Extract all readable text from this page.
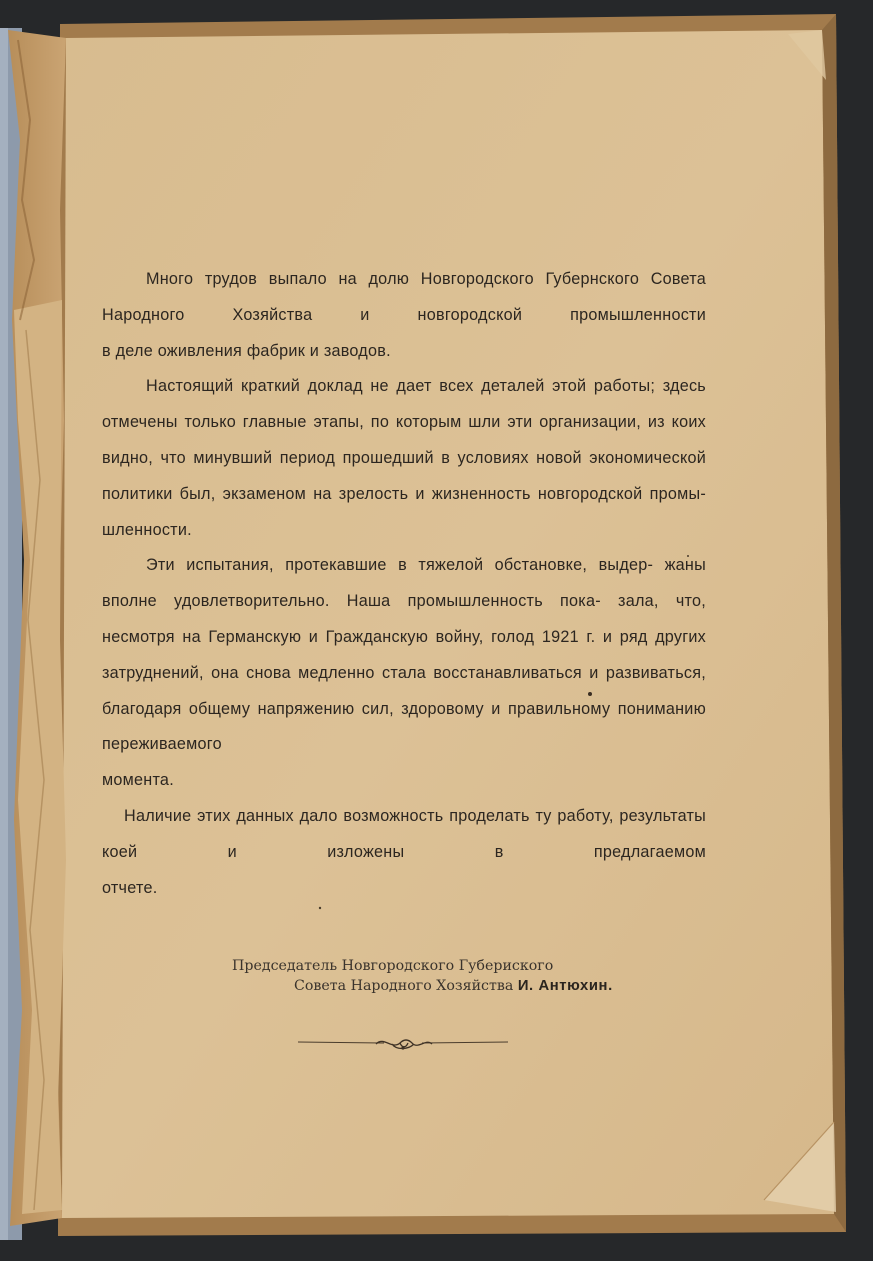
Много трудов выпало на долю Новгородского Губернского Совета Народного Хозяйства и новгородской промышленности

в деле оживления фабрик и заводов.

Настоящий краткий доклад не дает всех деталей этой работы; здесь отмечены только главные этапы, по которым шли эти организации, из коих видно, что минувший период прошедший в условиях новой экономической политики был, экзаменом на зрелость и жизненность новгородской промы-

шленности.

Эти испытания, протекавшие в тяжелой обстановке, выдер- жаны вполне удовлетворительно. Наша промышленность пока- зала, что, несмотря на Германскую и Гражданскую войну, голод 1921 г. и ряд других затруднений, она снова медленно стала восстанавливаться и развиваться, благодаря общему напряжению сил, здоровому и правильному пониманию переживаемого

момента.

Наличие этих данных дало возможность проделать ту работу, результаты коей и изложены в предлагаемом

отчете.

Председатель Новгородского Губериского
Совета Народного Хозяйства И. Антюхин.
